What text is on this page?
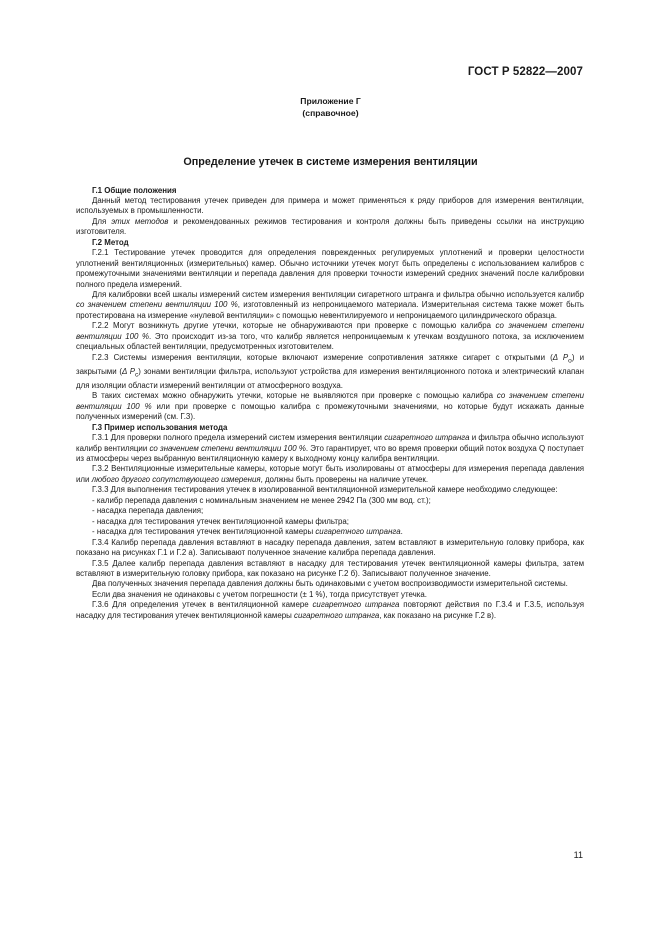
ГОСТ Р 52822—2007
Приложение Г
(справочное)
Определение утечек в системе измерения вентиляции

Г.1 Общие положения

Данный метод тестирования утечек приведен для примера и может применяться к ряду приборов для измерения вентиляции, используемых в промышленности.

Для этих методов и рекомендованных режимов тестирования и контроля должны быть приведены ссылки на инструкцию изготовителя.

Г.2 Метод

Г.2.1 Тестирование утечек проводится для определения поврежденных регулируемых уплотнений и проверки целостности уплотнений вентиляционных (измерительных) камер. Обычно источники утечек могут быть определены с использованием калибров с промежуточными значениями вентиляции и перепада давления для проверки точности измерений средних значений после калибровки полного предела измерений.

Для калибровки всей шкалы измерений систем измерения вентиляции сигаретного штранга и фильтра обычно используется калибр со значением степени вентиляции 100 %, изготовленный из непроницаемого материала. Измерительная система также может быть протестирована на измерение «нулевой вентиляции» с помощью невентилируемого и непроницаемого цилиндрического образца.

Г.2.2 Могут возникнуть другие утечки, которые не обнаруживаются при проверке с помощью калибра со значением степени вентиляции 100 %. Это происходит из-за того, что калибр является непроницаемым к утечкам воздушного потока, за исключением специальных областей вентиляции, предусмотренных изготовителем.

Г.2.3 Системы измерения вентиляции, которые включают измерение сопротивления затяжке сигарет с открытыми (Δ $P_o$) и закрытыми (Δ $P_c$) зонами вентиляции фильтра, используют устройства для измерения вентиляционного потока и электрический клапан для изоляции области измерений вентиляции от атмосферного воздуха.

В таких системах можно обнаружить утечки, которые не выявляются при проверке с помощью калибра со значением степени вентиляции 100 % или при проверке с помощью калибра с промежуточными значениями, но которые будут искажать данные полученных измерений (см. Г.3).

Г.3 Пример использования метода

Г.3.1 Для проверки полного предела измерений систем измерения вентиляции сигаретного штранга и фильтра обычно используют калибр вентиляции со значением степени вентиляции 100 %. Это гарантирует, что во время проверки общий поток воздуха Q поступает из атмосферы через выбранную вентиляционную камеру к выходному концу калибра вентиляции.

Г.3.2 Вентиляционные измерительные камеры, которые могут быть изолированы от атмосферы для измерения перепада давления или любого другого сопутствующего измерения, должны быть проверены на наличие утечек.

Г.3.3 Для выполнения тестирования утечек в изолированной вентиляционной измерительной камере необходимо следующее:

- калибр перепада давления с номинальным значением не менее 2942 Па (300 мм вод. ст.);

- насадка перепада давления;

- насадка для тестирования утечек вентиляционной камеры фильтра;

- насадка для тестирования утечек вентиляционной камеры сигаретного штранга.

Г.3.4 Калибр перепада давления вставляют в насадку перепада давления, затем вставляют в измерительную головку прибора, как показано на рисунках Г.1 и Г.2 а). Записывают полученное значение калибра перепада давления.

Г.3.5 Далее калибр перепада давления вставляют в насадку для тестирования утечек вентиляционной камеры фильтра, затем вставляют в измерительную головку прибора, как показано на рисунке Г.2 б). Записывают полученное значение.

Два полученных значения перепада давления должны быть одинаковыми с учетом воспроизводимости измерительной системы.

Если два значения не одинаковы с учетом погрешности (± 1 %), тогда присутствует утечка.

Г.3.6 Для определения утечек в вентиляционной камере сигаретного штранга повторяют действия по Г.3.4 и Г.3.5, используя насадку для тестирования утечек вентиляционной камеры сигаретного штранга, как показано на рисунке Г.2 в).

11
